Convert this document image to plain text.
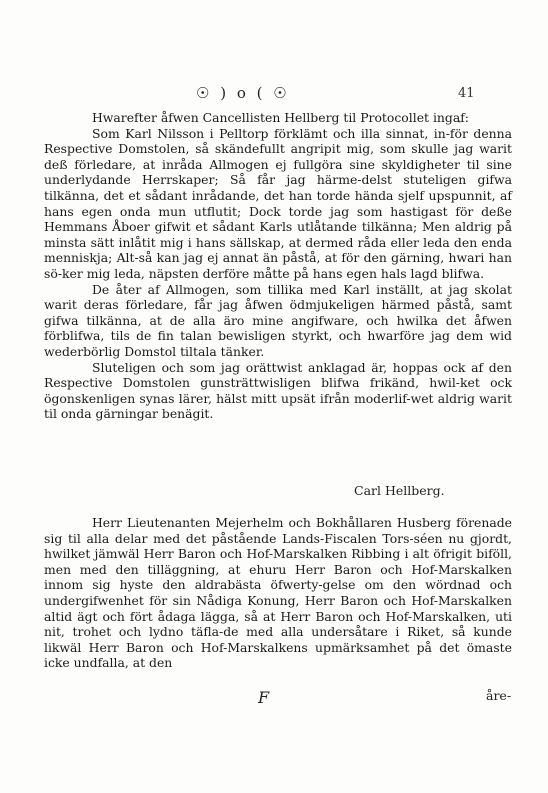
☉ ) o ( ☉	41

Hwarefter åfwen Cancellisten Hellberg til Protocollet ingaf:

Som Karl Nilsson i Pelltorp förklämt och illa sinnat, in-för denna Respective Domstolen, så skändefullt angripit mig, som skulle jag warit deß förledare, at inråda Allmogen ej fullgöra sine skyldigheter til sine underlydande Herrskaper; Så får jag härme-delst stuteligen gifwa tilkänna, det et sådant inrådande, det han torde hända sjelf upspunnit, af hans egen onda mun utflutit; Dock torde jag som hastigast för deße Hemmans Åboer gifwit et sådant Karls utlåtande tilkänna; Men aldrig på minsta sätt inlåtit mig i hans sällskap, at dermed råda eller leda den enda menniskja; Alt-så kan jag ej annat än påstå, at för den gärning, hwari han sö-ker mig leda, näpsten derföre måtte på hans egen hals lagd blifwa.

De åter af Allmogen, som tillika med Karl inställt, at jag skolat warit deras förledare, får jag åfwen ödmjukeligen härmed påstå, samt gifwa tilkänna, at de alla äro mine angifware, och hwilka det åfwen förblifwa, tils de fin talan bewisligen styrkt, och hwarföre jag dem wid wederbörlig Domstol tiltala tänker.

Sluteligen och som jag orättwist anklagad är, hoppas ock af den Respective Domstolen gunsträttwisligen blifwa frikänd, hwil-ket ock ögonskenligen synas lärer, hälst mitt upsät ifrån moderlif-wet aldrig warit til onda gärningar benägit.

Carl Hellberg.

Herr Lieutenanten Mejerhelm och Bokhållaren Husberg förenade sig til alla delar med det påstående Lands-Fiscalen Tors-séen nu gjordt, hwilket jämwäl Herr Baron och Hof-Marskalken Ribbing i alt öfrigit biföll, men med den tilläggning, at ehuru Herr Baron och Hof-Marskalken innom sig hyste den aldrabästa öfwerty-gelse om den wördnad och undergifwenhet för sin Nådiga Konung, Herr Baron och Hof-Marskalken altid ägt och fört ådaga lägga, så at Herr Baron och Hof-Marskalken, uti nit, trohet och lydno täfla-de med alla undersåtare i Riket, så kunde likwäl Herr Baron och Hof-Marskalkens upmärksamhet på det ömaste icke undfalla, at den

F	åre-
